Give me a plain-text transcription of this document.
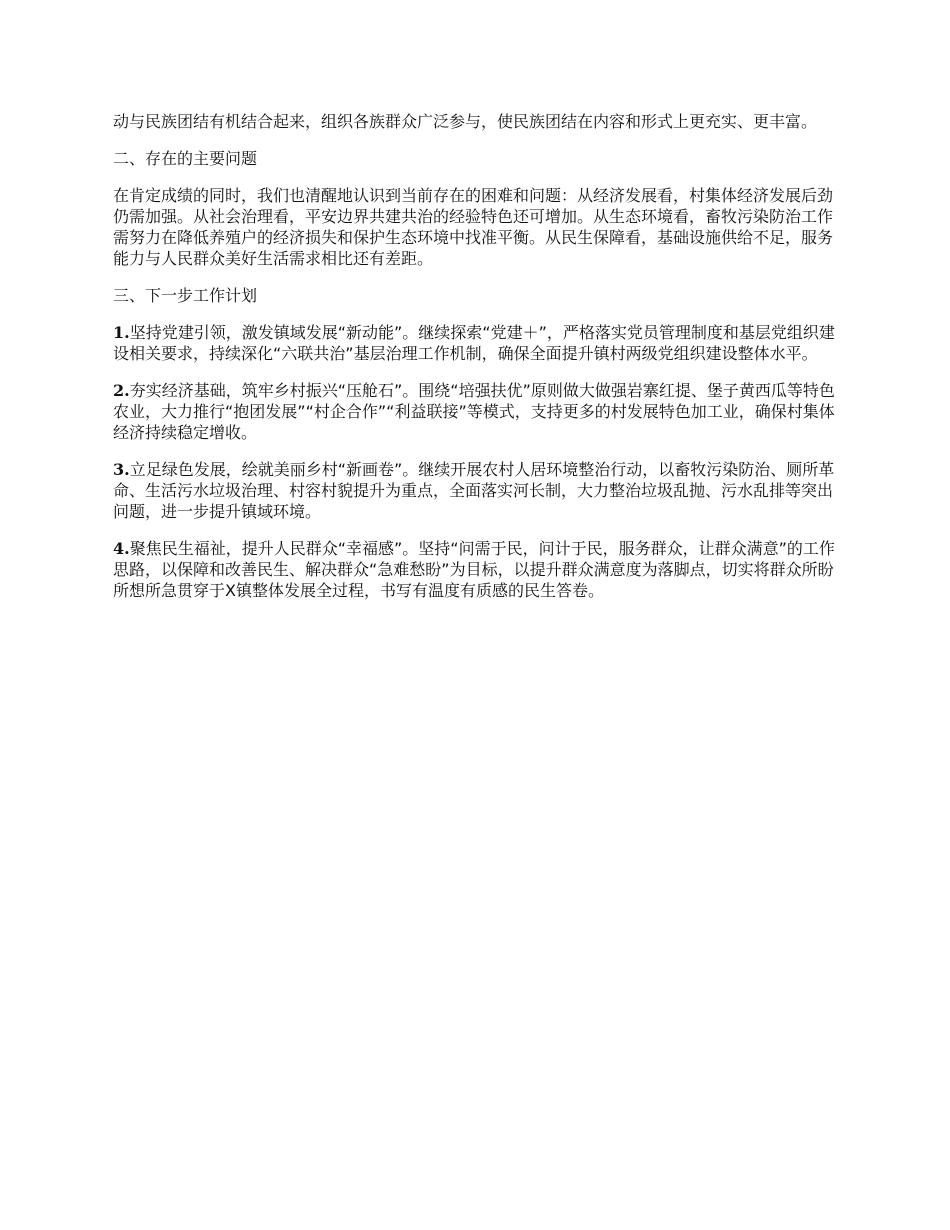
动与民族团结有机结合起来，组织各族群众广泛参与，使民族团结在内容和形式上更充实、更丰富。

二、存在的主要问题

在肯定成绩的同时，我们也清醒地认识到当前存在的困难和问题：从经济发展看，村集体经济发展后劲仍需加强。从社会治理看，平安边界共建共治的经验特色还可增加。从生态环境看，畜牧污染防治工作需努力在降低养殖户的经济损失和保护生态环境中找准平衡。从民生保障看，基础设施供给不足，服务能力与人民群众美好生活需求相比还有差距。

三、下一步工作计划

1.坚持党建引领，激发镇域发展“新动能”。继续探索“党建＋”，严格落实党员管理制度和基层党组织建设相关要求，持续深化“六联共治”基层治理工作机制，确保全面提升镇村两级党组织建设整体水平。

2.夯实经济基础，筑牢乡村振兴“压舱石”。围绕“培强扶优”原则做大做强岩寨红提、堡子黄西瓜等特色农业，大力推行“抱团发展”“村企合作”“利益联接”等模式，支持更多的村发展特色加工业，确保村集体经济持续稳定增收。

3.立足绿色发展，绘就美丽乡村“新画卷”。继续开展农村人居环境整治行动，以畜牧污染防治、厕所革命、生活污水垃圾治理、村容村貌提升为重点，全面落实河长制，大力整治垃圾乱抛、污水乱排等突出问题，进一步提升镇域环境。

4.聚焦民生福祉，提升人民群众“幸福感”。坚持“问需于民，问计于民，服务群众，让群众满意”的工作思路，以保障和改善民生、解决群众“急难愁盼”为目标，以提升群众满意度为落脚点，切实将群众所盼所想所急贯穿于X镇整体发展全过程，书写有温度有质感的民生答卷。
